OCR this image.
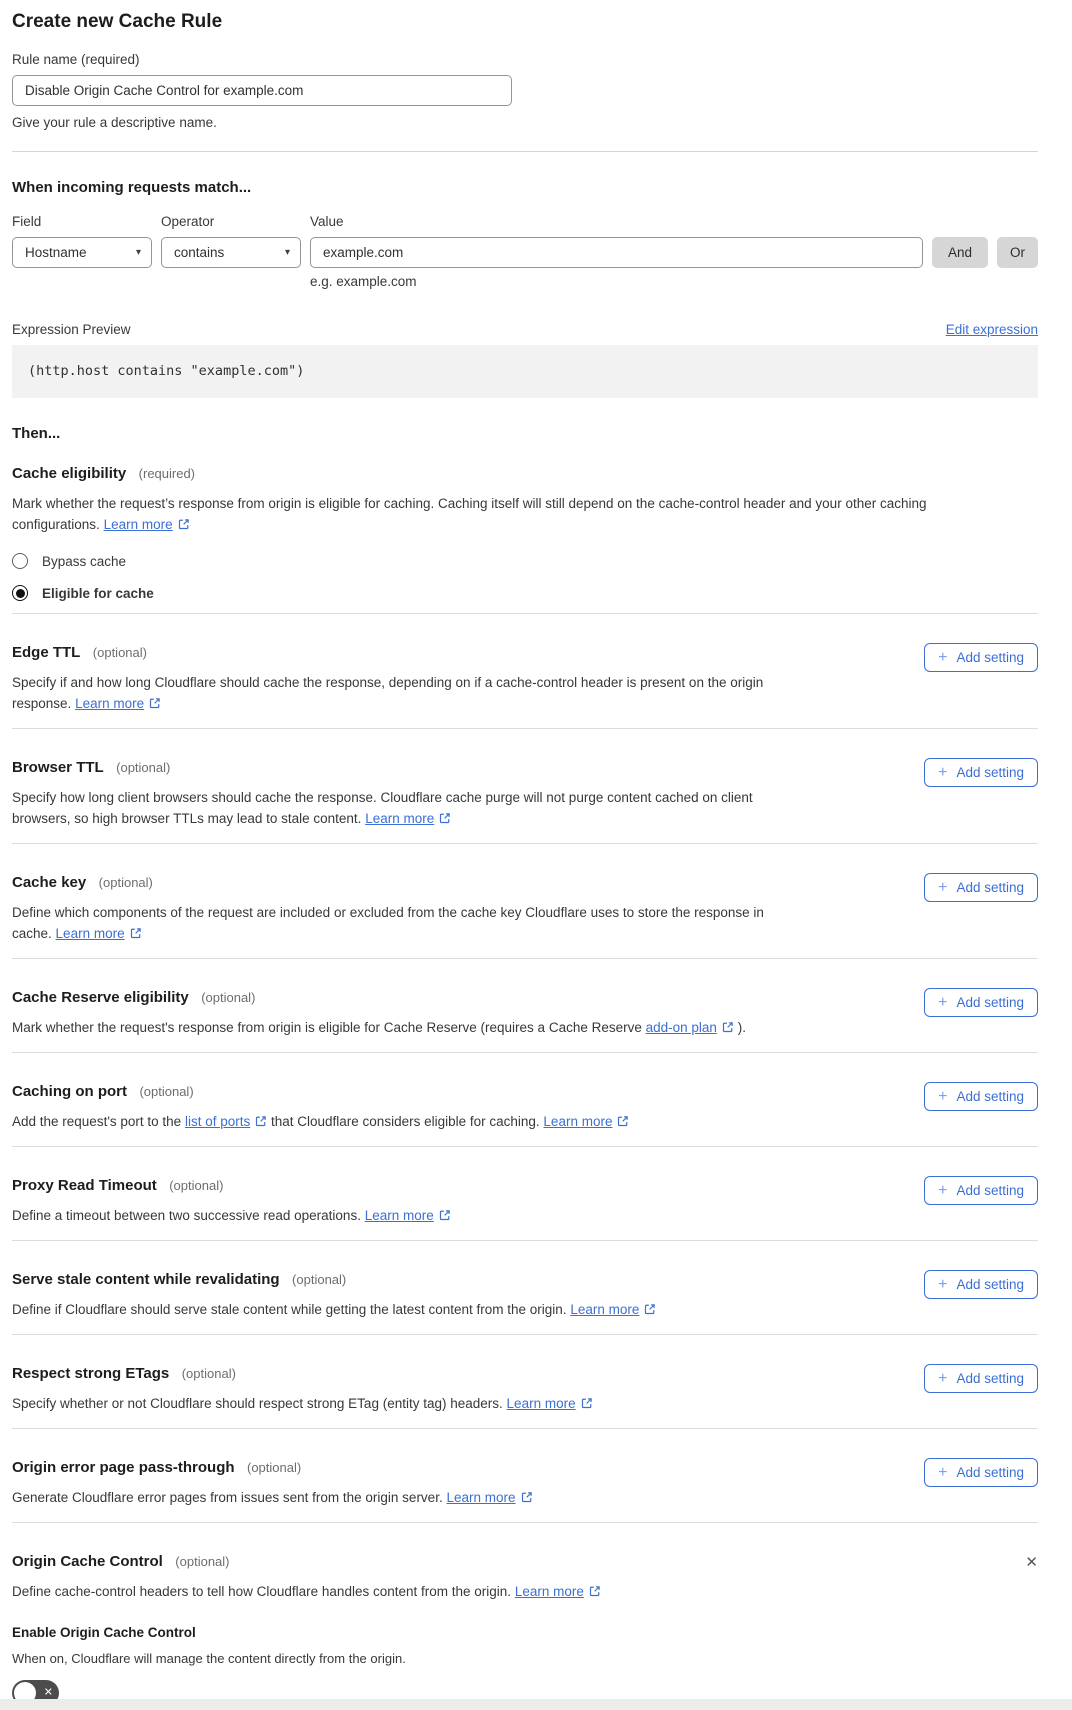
Create new Cache Rule
Rule name (required)
Disable Origin Cache Control for example.com
Give your rule a descriptive name.
When incoming requests match...
Field
Hostname	▾
Operator
contains	▾
Value
example.com
e.g. example.com
And	Or
Expression Preview	Edit expression
(http.host contains "example.com")
Then...
Cache eligibility (required)

Mark whether the request’s response from origin is eligible for caching. Caching itself will still depend on the cache-control header and your other caching configurations. Learn more

Bypass cache
Eligible for cache
Edge TTL (optional)

Specify if and how long Cloudflare should cache the response, depending on if a cache-control header is present on the origin response. Learn more

+ Add setting
Browser TTL (optional)

Specify how long client browsers should cache the response. Cloudflare cache purge will not purge content cached on client browsers, so high browser TTLs may lead to stale content. Learn more

+ Add setting
Cache key (optional)

Define which components of the request are included or excluded from the cache key Cloudflare uses to store the response in cache. Learn more

+ Add setting
Cache Reserve eligibility (optional)

Mark whether the request's response from origin is eligible for Cache Reserve (requires a Cache Reserve add-on plan ).

+ Add setting
Caching on port (optional)

Add the request's port to the list of ports that Cloudflare considers eligible for caching. Learn more

+ Add setting
Proxy Read Timeout (optional)

Define a timeout between two successive read operations. Learn more

+ Add setting
Serve stale content while revalidating (optional)

Define if Cloudflare should serve stale content while getting the latest content from the origin. Learn more

+ Add setting
Respect strong ETags (optional)

Specify whether or not Cloudflare should respect strong ETag (entity tag) headers. Learn more

+ Add setting
Origin error page pass-through (optional)

Generate Cloudflare error pages from issues sent from the origin server. Learn more

+ Add setting
Origin Cache Control (optional)	✕

Define cache-control headers to tell how Cloudflare handles content from the origin. Learn more

Enable Origin Cache Control
When on, Cloudflare will manage the content directly from the origin.
✕
